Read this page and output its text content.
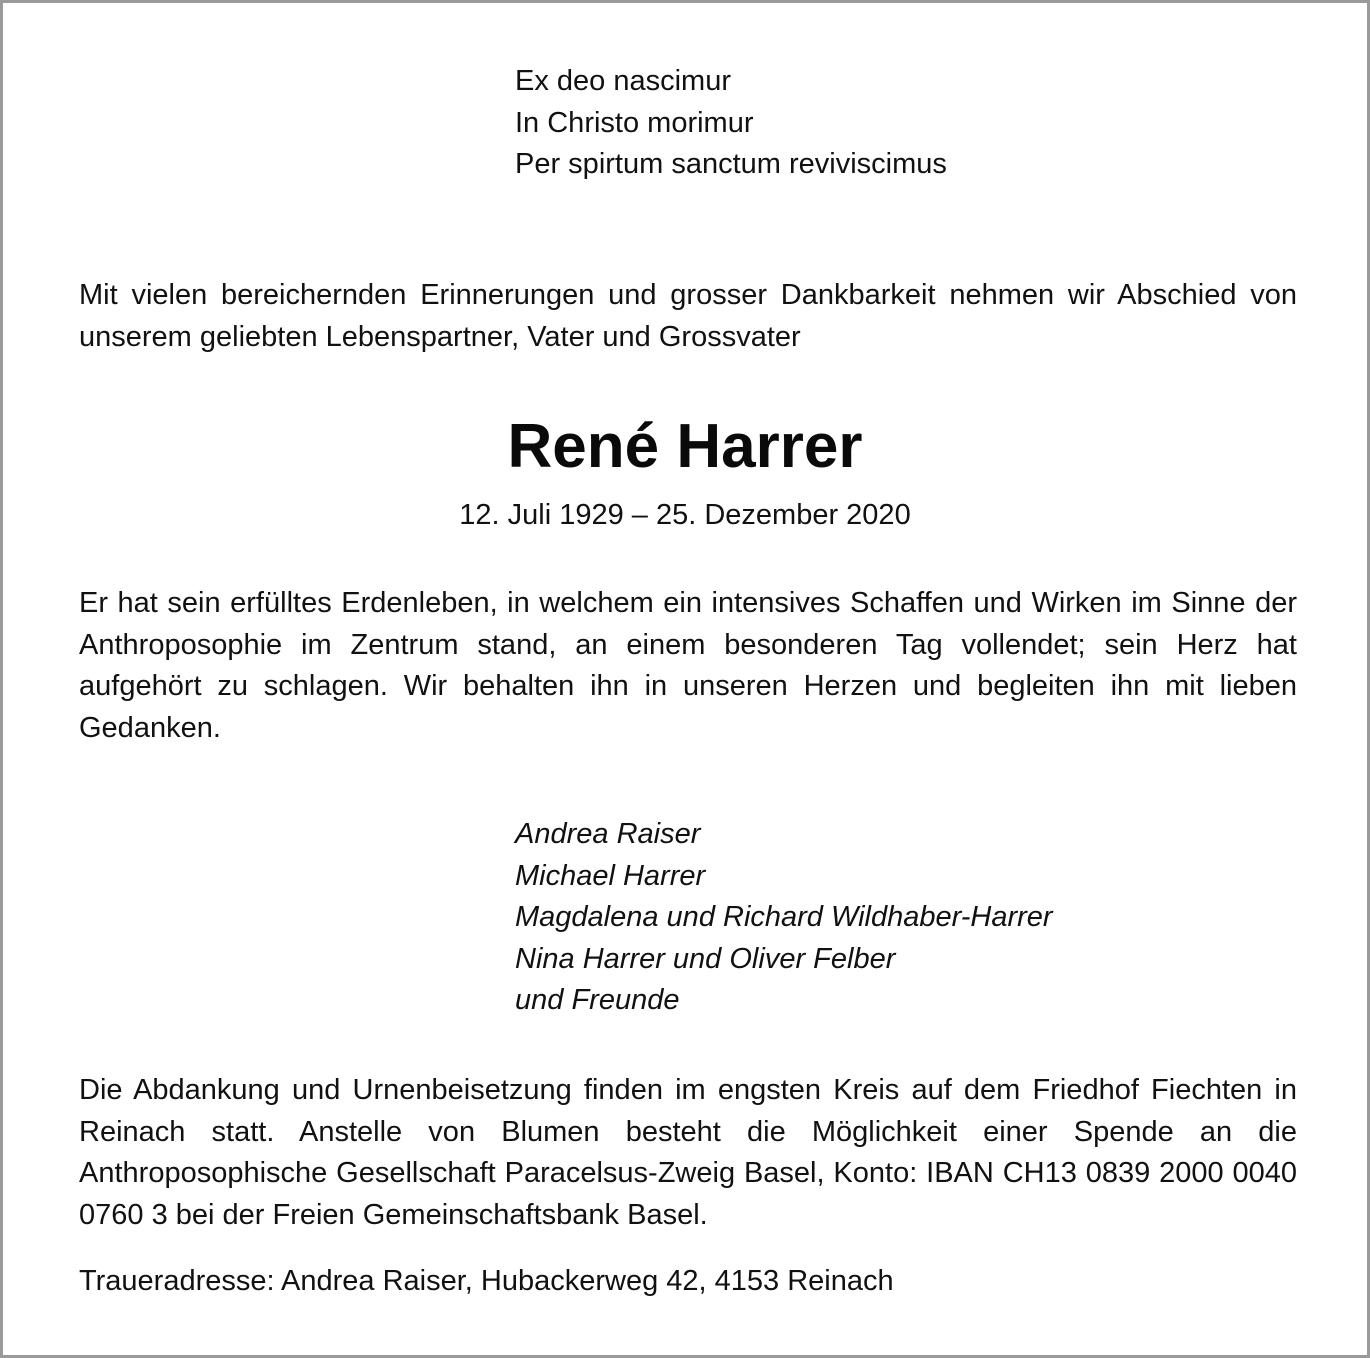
Ex deo nascimur
In Christo morimur
Per spirtum sanctum reviviscimus
Mit vielen bereichernden Erinnerungen und grosser Dankbarkeit nehmen wir Abschied von unserem geliebten Lebenspartner, Vater und Grossvater
René Harrer
12. Juli 1929 – 25. Dezember 2020
Er hat sein erfülltes Erdenleben, in welchem ein intensives Schaffen und Wirken im Sinne der Anthroposophie im Zentrum stand, an einem besonderen Tag vollendet; sein Herz hat aufgehört zu schlagen. Wir behalten ihn in unseren Herzen und begleiten ihn mit lieben Gedanken.
Andrea Raiser
Michael Harrer
Magdalena und Richard Wildhaber-Harrer
Nina Harrer und Oliver Felber
und Freunde
Die Abdankung und Urnenbeisetzung finden im engsten Kreis auf dem Friedhof Fiechten in Reinach statt. Anstelle von Blumen besteht die Möglichkeit einer Spende an die Anthroposophische Gesellschaft Paracelsus-Zweig Basel, Konto: IBAN CH13 0839 2000 0040 0760 3 bei der Freien Gemeinschaftsbank Basel.
Traueradresse: Andrea Raiser, Hubackerweg 42, 4153 Reinach
